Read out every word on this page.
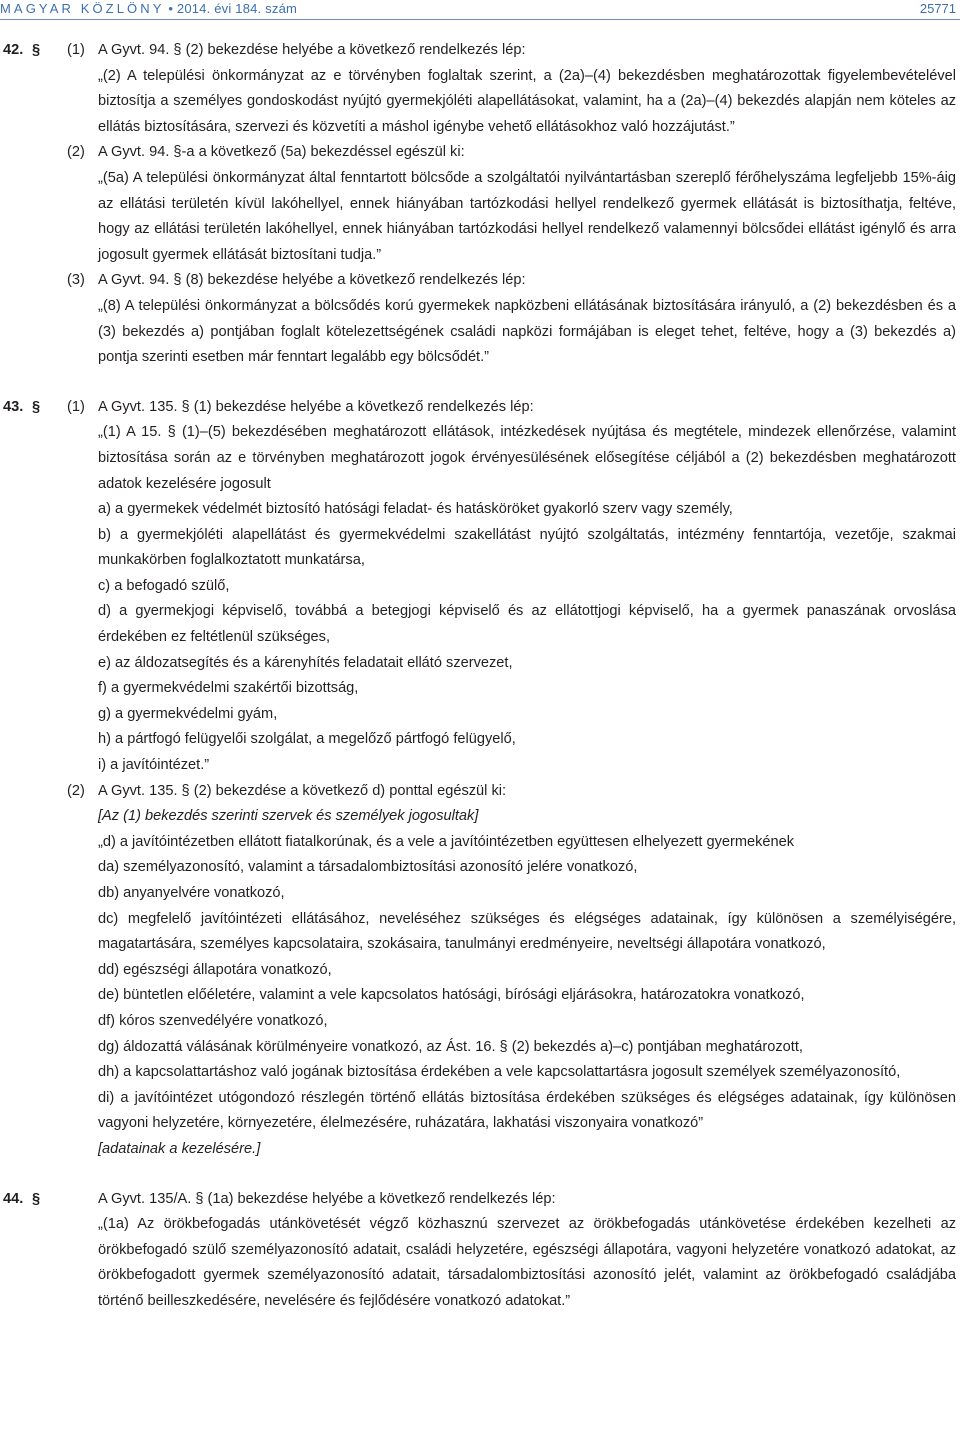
MAGYAR KÖZLÖNY • 2014. évi 184. szám	25771
42. § (1) A Gyvt. 94. § (2) bekezdése helyébe a következő rendelkezés lép:
„(2) A települési önkormányzat az e törvényben foglaltak szerint, a (2a)–(4) bekezdésben meghatározottak figyelembevételével biztosítja a személyes gondoskodást nyújtó gyermekjóléti alapellátásokat, valamint, ha a (2a)–(4) bekezdés alapján nem köteles az ellátás biztosítására, szervezi és közvetíti a máshol igénybe vehető ellátásokhoz való hozzájutást.”
(2) A Gyvt. 94. §-a a következő (5a) bekezdéssel egészül ki:
„(5a) A települési önkormányzat által fenntartott bölcsőde a szolgáltatói nyilvántartásban szereplő férőhelyszáma legfeljebb 15%-áig az ellátási területén kívül lakóhellyel, ennek hiányában tartózkodási hellyel rendelkező gyermek ellátását is biztosíthatja, feltéve, hogy az ellátási területén lakóhellyel, ennek hiányában tartózkodási hellyel rendelkező valamennyi bölcsődei ellátást igénylő és arra jogosult gyermek ellátását biztosítani tudja.”
(3) A Gyvt. 94. § (8) bekezdése helyébe a következő rendelkezés lép:
„(8) A települési önkormányzat a bölcsődés korú gyermekek napközbeni ellátásának biztosítására irányuló, a (2) bekezdésben és a (3) bekezdés a) pontjában foglalt kötelezettségének családi napközi formájában is eleget tehet, feltéve, hogy a (3) bekezdés a) pontja szerinti esetben már fenntart legalább egy bölcsődét.”
43. § (1) A Gyvt. 135. § (1) bekezdése helyébe a következő rendelkezés lép:
„(1) A 15. § (1)–(5) bekezdésében meghatározott ellátások, intézkedések nyújtása és megtétele, mindezek ellenőrzése, valamint biztosítása során az e törvényben meghatározott jogok érvényesülésének elősegítése céljából a (2) bekezdésben meghatározott adatok kezelésére jogosult
a) a gyermekek védelmét biztosító hatósági feladat- és hatásköröket gyakorló szerv vagy személy,
b) a gyermekjóléti alapellátást és gyermekvédelmi szakellátást nyújtó szolgáltatás, intézmény fenntartója, vezetője, szakmai munkakörben foglalkoztatott munkatársa,
c) a befogadó szülő,
d) a gyermekjogi képviselő, továbbá a betegjogi képviselő és az ellátottjogi képviselő, ha a gyermek panaszának orvoslása érdekében ez feltétlenül szükséges,
e) az áldozatsegítés és a kárenyhítés feladatait ellátó szervezet,
f) a gyermekvédelmi szakértői bizottság,
g) a gyermekvédelmi gyám,
h) a pártfogó felügyelői szolgálat, a megelőző pártfogó felügyelő,
i) a javítóintézet.”
(2) A Gyvt. 135. § (2) bekezdése a következő d) ponttal egészül ki:
[Az (1) bekezdés szerinti szervek és személyek jogosultak]
„d) a javítóintézetben ellátott fiatalkorúnak, és a vele a javítóintézetben együttesen elhelyezett gyermekének
da) személyazonosító, valamint a társadalombiztosítási azonosító jelére vonatkozó,
db) anyanyelvére vonatkozó,
dc) megfelelő javítóintézeti ellátásához, neveléséhez szükséges és elégséges adatainak, így különösen a személyiségére, magatartására, személyes kapcsolataira, szokásaira, tanulmányi eredményeire, neveltségi állapotára vonatkozó,
dd) egészségi állapotára vonatkozó,
de) büntetlen előéletére, valamint a vele kapcsolatos hatósági, bírósági eljárásokra, határozatokra vonatkozó,
df) kóros szenvedélyére vonatkozó,
dg) áldozattá válásának körülményeire vonatkozó, az Ást. 16. § (2) bekezdés a)–c) pontjában meghatározott,
dh) a kapcsolattartáshoz való jogának biztosítása érdekében a vele kapcsolattartásra jogosult személyek személyazonosító,
di) a javítóintézet utógondozó részlegén történő ellátás biztosítása érdekében szükséges és elégséges adatainak, így különösen vagyoni helyzetére, környezetére, élelmezésére, ruházatára, lakhatási viszonyaira vonatkozó”
[adatainak a kezelésére.]
44. §	A Gyvt. 135/A. § (1a) bekezdése helyébe a következő rendelkezés lép:
„(1a) Az örökbefogadás utánkövetését végző közhasznú szervezet az örökbefogadás utánkövetése érdekében kezelheti az örökbefogadó szülő személyazonosító adatait, családi helyzetére, egészségi állapotára, vagyoni helyzetére vonatkozó adatokat, az örökbefogadott gyermek személyazonosító adatait, társadalombiztosítási azonosító jelét, valamint az örökbefogadó családjába történő beilleszkedésére, nevelésére és fejlődésére vonatkozó adatokat.”
